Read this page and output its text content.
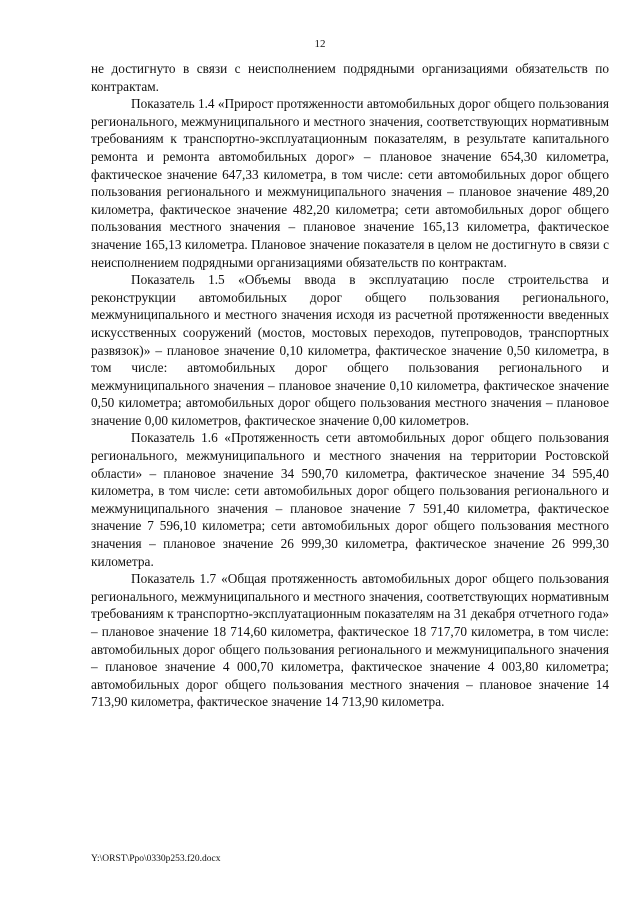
12

не достигнуто в связи с неисполнением подрядными организациями обязательств по контрактам.

Показатель 1.4 «Прирост протяженности автомобильных дорог общего пользования регионального, межмуниципального и местного значения, соответствующих нормативным требованиям к транспортно-эксплуатационным показателям, в результате капитального ремонта и ремонта автомобильных дорог» – плановое значение 654,30 километра, фактическое значение 647,33 километра, в том числе: сети автомобильных дорог общего пользования регионального и межмуниципального значения – плановое значение 489,20 километра, фактическое значение 482,20 километра; сети автомобильных дорог общего пользования местного значения – плановое значение 165,13 километра, фактическое значение 165,13 километра. Плановое значение показателя в целом не достигнуто в связи с неисполнением подрядными организациями обязательств по контрактам.

Показатель 1.5 «Объемы ввода в эксплуатацию после строительства и реконструкции автомобильных дорог общего пользования регионального, межмуниципального и местного значения исходя из расчетной протяженности введенных искусственных сооружений (мостов, мостовых переходов, путепроводов, транспортных развязок)» – плановое значение 0,10 километра, фактическое значение 0,50 километра, в том числе: автомобильных дорог общего пользования регионального и межмуниципального значения – плановое значение 0,10 километра, фактическое значение 0,50 километра; автомобильных дорог общего пользования местного значения – плановое значение 0,00 километров, фактическое значение 0,00 километров.

Показатель 1.6 «Протяженность сети автомобильных дорог общего пользования регионального, межмуниципального и местного значения на территории Ростовской области» – плановое значение 34 590,70 километра, фактическое значение 34 595,40 километра, в том числе: сети автомобильных дорог общего пользования регионального и межмуниципального значения – плановое значение 7 591,40 километра, фактическое значение 7 596,10 километра; сети автомобильных дорог общего пользования местного значения – плановое значение 26 999,30 километра, фактическое значение 26 999,30 километра.

Показатель 1.7 «Общая протяженность автомобильных дорог общего пользования регионального, межмуниципального и местного значения, соответствующих нормативным требованиям к транспортно-эксплуатационным показателям на 31 декабря отчетного года» – плановое значение 18 714,60 километра, фактическое 18 717,70 километра, в том числе: автомобильных дорог общего пользования регионального и межмуниципального значения – плановое значение 4 000,70 километра, фактическое значение 4 003,80 километра; автомобильных дорог общего пользования местного значения – плановое значение 14 713,90 километра, фактическое значение 14 713,90 километра.

Y:\ORST\Ppo\0330p253.f20.docx
